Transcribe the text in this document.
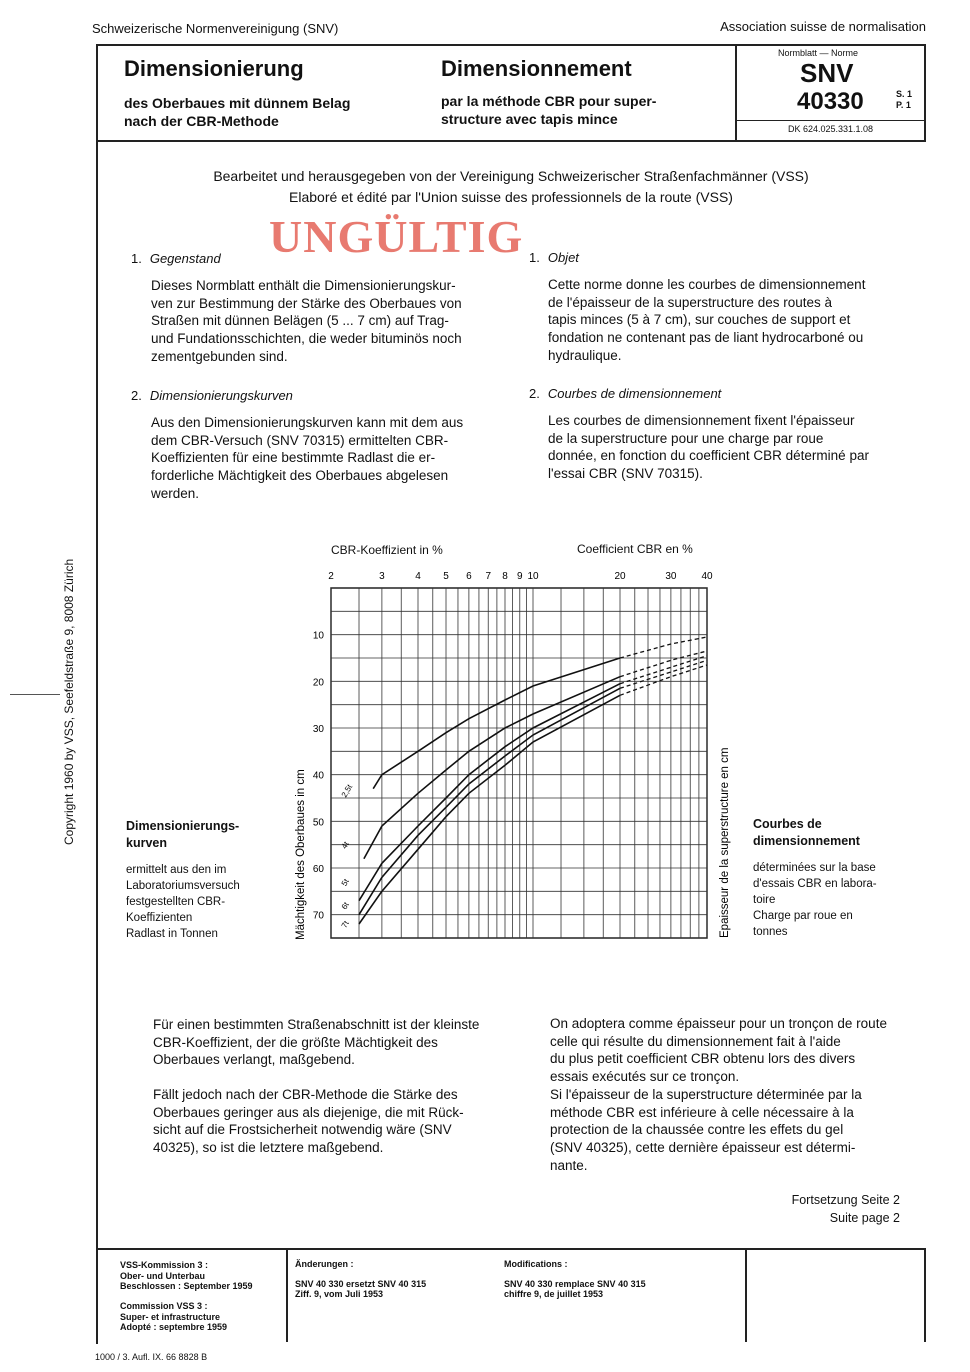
Schweizerische Normenvereinigung (SNV)	Association suisse de normalisation
Dimensionierung
des Oberbaues mit dünnem Belag
nach der CBR-Methode
Dimensionnement
par la méthode CBR pour super-
structure avec tapis mince
Normblatt — Norme
SNV
40330	S. 1
P. 1
DK 624.025.331.1.08
Bearbeitet und herausgegeben von der Vereinigung Schweizerischer Straßenfachmänner (VSS)
Elaboré et édité par l'Union suisse des professionnels de la route (VSS)
UNGÜLTIG
1. Gegenstand
Dieses Normblatt enthält die Dimensionierungskur-
ven zur Bestimmung der Stärke des Oberbaues von
Straßen mit dünnen Belägen (5 ... 7 cm) auf Trag-
und Fundationsschichten, die weder bituminös noch
zementgebunden sind.
1. Objet
Cette norme donne les courbes de dimensionnement
de l'épaisseur de la superstructure des routes à
tapis minces (5 à 7 cm), sur couches de support et
fondation ne contenant pas de liant hydrocarboné ou
hydraulique.
2. Dimensionierungskurven
Aus den Dimensionierungskurven kann mit dem aus
dem CBR-Versuch (SNV 70315) ermittelten CBR-
Koeffizienten für eine bestimmte Radlast die er-
forderliche Mächtigkeit des Oberbaues abgelesen
werden.
2. Courbes de dimensionnement
Les courbes de dimensionnement fixent l'épaisseur
de la superstructure pour une charge par roue
donnée, en fonction du coefficient CBR déterminé par
l'essai CBR (SNV 70315).
CBR-Koeffizient in %	Coefficient CBR en %
2	3	4 5 6 7 8 9 10	20	30 40
10
20
30
40
50
60
70
2,5t
4t
5t
6t
7t
Mächtigkeit des Oberbaues in cm	Epaisseur de la superstructure en cm
Dimensionierungs-
kurven
ermittelt aus den im
Laboratoriumsversuch
festgestellten CBR-
Koeffizienten
Radlast in Tonnen
Courbes de
dimensionnement
déterminées sur la base
d'essais CBR en labora-
toire
Charge par roue en
tonnes
Für einen bestimmten Straßenabschnitt ist der kleinste
CBR-Koeffizient, der die größte Mächtigkeit des
Oberbaues verlangt, maßgebend.
Fällt jedoch nach der CBR-Methode die Stärke des
Oberbaues geringer aus als diejenige, die mit Rück-
sicht auf die Frostsicherheit notwendig wäre (SNV
40325), so ist die letztere maßgebend.
On adoptera comme épaisseur pour un tronçon de route
celle qui résulte du dimensionnement fait à l'aide
du plus petit coefficient CBR obtenu lors des divers
essais exécutés sur ce tronçon.
Si l'épaisseur de la superstructure déterminée par la
méthode CBR est inférieure à celle nécessaire à la
protection de la chaussée contre les effets du gel
(SNV 40325), cette dernière épaisseur est détermi-
nante.
Fortsetzung Seite 2
Suite page 2
Copyright 1960 by VSS, Seefeldstraße 9, 8008 Zürich
VSS-Kommission 3 :
Ober- und Unterbau
Beschlossen : September 1959
Commission VSS 3 :
Super- et infrastructure
Adopté : septembre 1959
Änderungen :
SNV 40 330 ersetzt SNV 40 315
Ziff. 9, vom Juli 1953
Modifications :
SNV 40 330 remplace SNV 40 315
chiffre 9, de juillet 1953
1000 / 3. Aufl. IX. 66 8828 B
